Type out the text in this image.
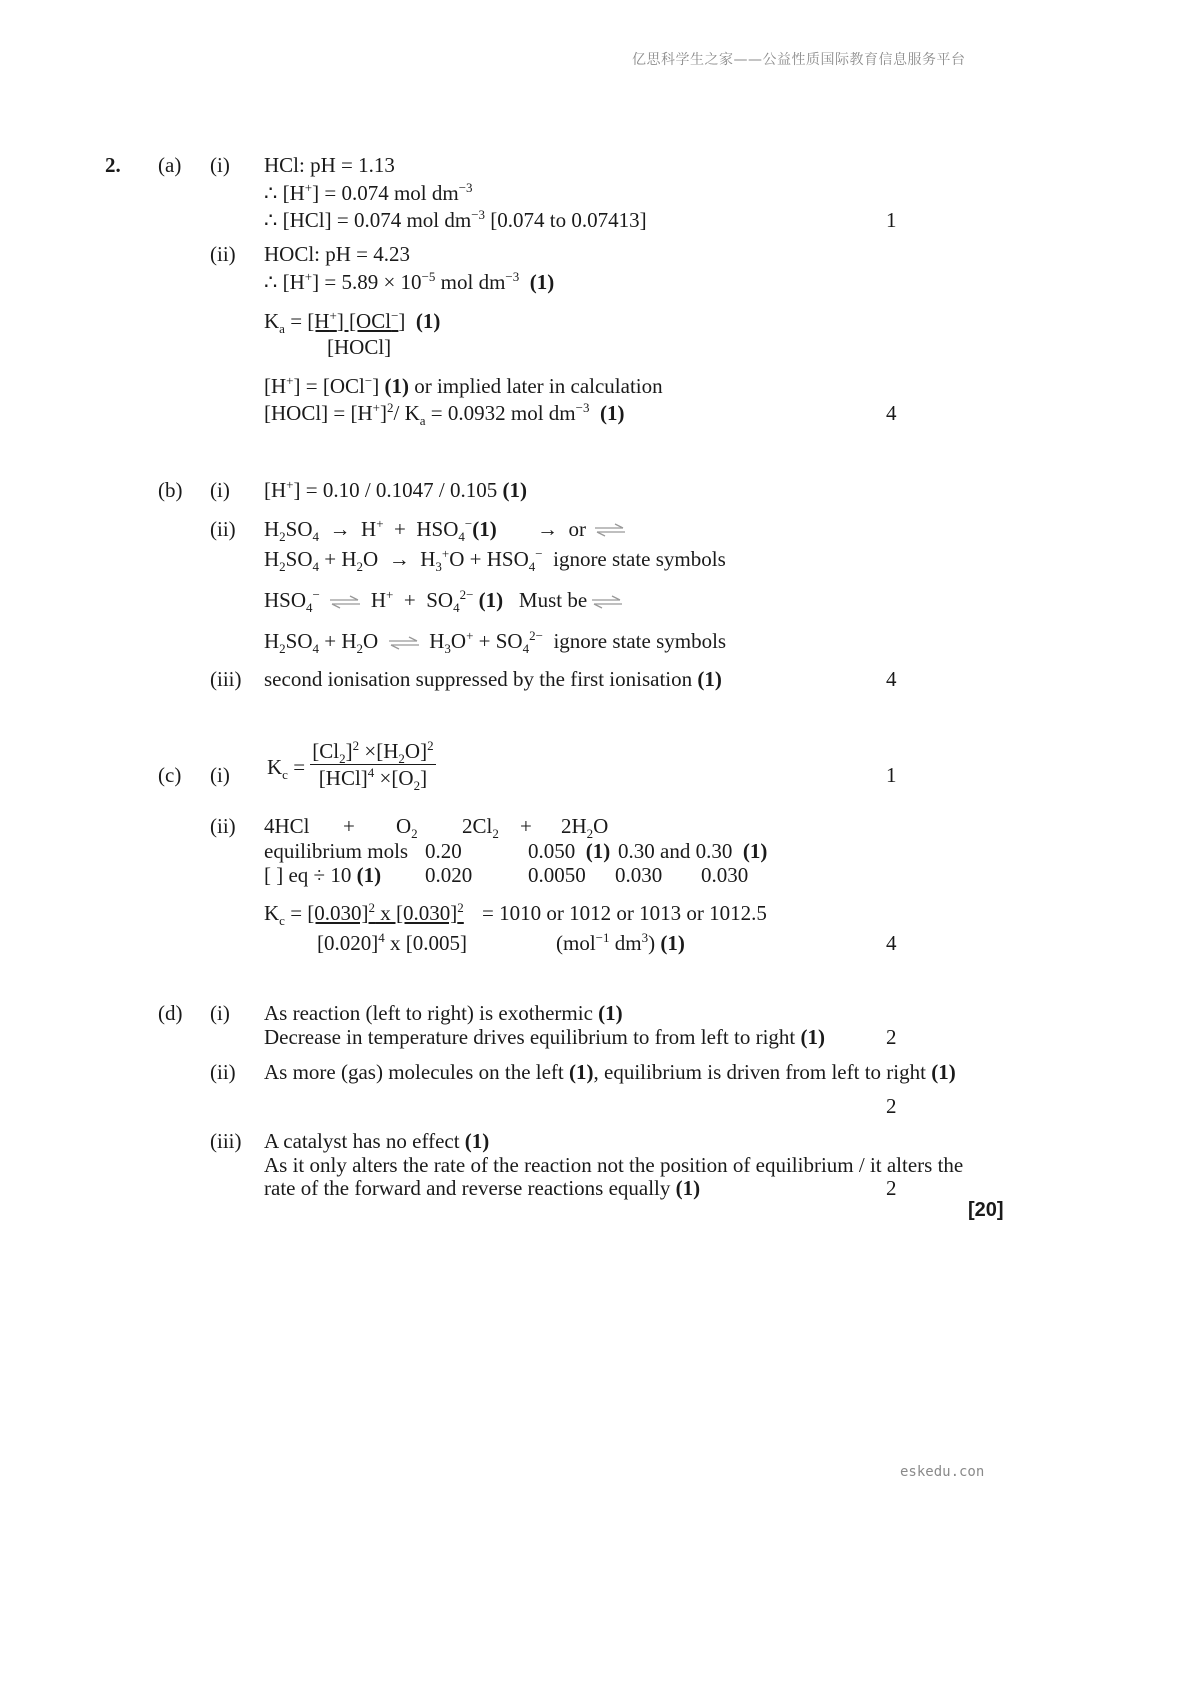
亿思科学生之家——公益性质国际教育信息服务平台
eskedu.con
2. (a) (i) HCl: pH = 1.13
∴ [H+] = 0.074 mol $dm^{-3}$
∴ [HCl] = 0.074 mol $dm^{-3}$ [0.074 to 0.07413]	1
(ii) HOCl: pH = 4.23
∴ $[H^+] = 5.89 \times 10^{-5}$ mol $dm^{-3}$ (1)
$K_a = [H^+]$ [OCl−] (1)
[HOCl]
[H+] = [OCl−] (1) or implied later in calculation
[HOCl] = $[H^+]^2/$ $K_a = 0.0932$ mol $dm^{-3}$ (1)	4
(b) (i) [H+] = 0.10 / 0.1047 / 0.105 (1)
(ii) $H_2SO_4 \to H^+ + HSO_4^-(1)$ → or ⇌
$H_2SO_4 + H_2O \to H_3^+O + HSO_4^-$ ignore state symbols
$HSO_4^-$ ⇌ $H^+ + SO_4^{2-}$ (1) Must be ⇌
$H_2SO_4 + H_2O$ ⇌ $H_3O^+ + SO_4^{2-}$ ignore state symbols
(iii) second ionisation suppressed by the first ionisation (1)	4
(c) (i) $K_c = \frac{[Cl_2]^2 \times[H_2O]^2}{[HCl]^4 \times[O_2]}$	1
(ii) $4HCl + O_2$ $2Cl_2 + 2H_2O$
equilibrium mols 0.20	0.050 (1) 0.30 and 0.30 (1)
[ ] eq ÷ 10 (1) 0.020	0.0050 0.030 0.030
$K_c = [0.030]^2$ x $[0.030]^2 = 1010$ or 1012 or 1013 or 1012.5
$[0.020]^4$ x [0.005]	(mol$^{-1}$ $dm^3$) (1)	4
(d) (i) As reaction (left to right) is exothermic (1)
Decrease in temperature drives equilibrium to from left to right (1)	2
(ii) As more (gas) molecules on the left (1), equilibrium is driven from left to right (1)
2
(iii) A catalyst has no effect (1)
As it only alters the rate of the reaction not the position of equilibrium / it alters the
rate of the forward and reverse reactions equally (1)	2
[20]
